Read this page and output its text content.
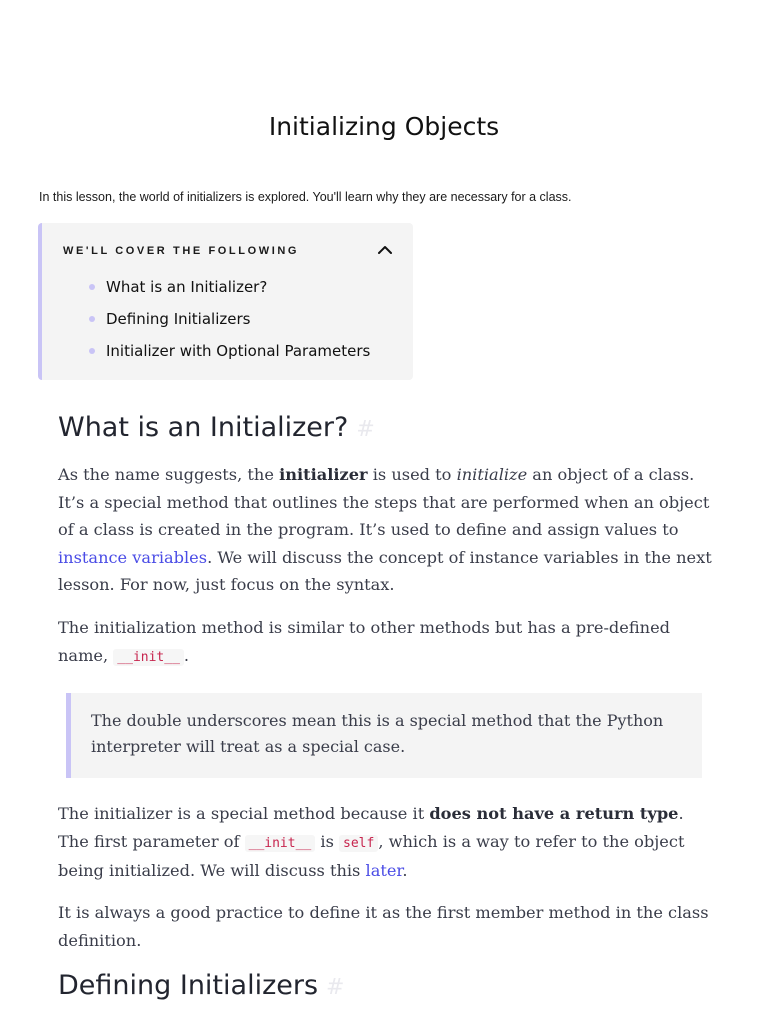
Initializing Objects

In this lesson, the world of initializers is explored. You'll learn why they are necessary for a class.

WE'LL COVER THE FOLLOWING
What is an Initializer?
Defining Initializers
Initializer with Optional Parameters
What is an Initializer? #

As the name suggests, the initializer is used to initialize an object of a class. It’s a special method that outlines the steps that are performed when an object of a class is created in the program. It’s used to define and assign values to instance variables. We will discuss the concept of instance variables in the next lesson. For now, just focus on the syntax.

The initialization method is similar to other methods but has a pre-defined name, __init__ .

The double underscores mean this is a special method that the Python interpreter will treat as a special case.

The initializer is a special method because it does not have a return type. The first parameter of __init__ is self , which is a way to refer to the object being initialized. We will discuss this later.

It is always a good practice to define it as the first member method in the class definition.

Defining Initializers #
